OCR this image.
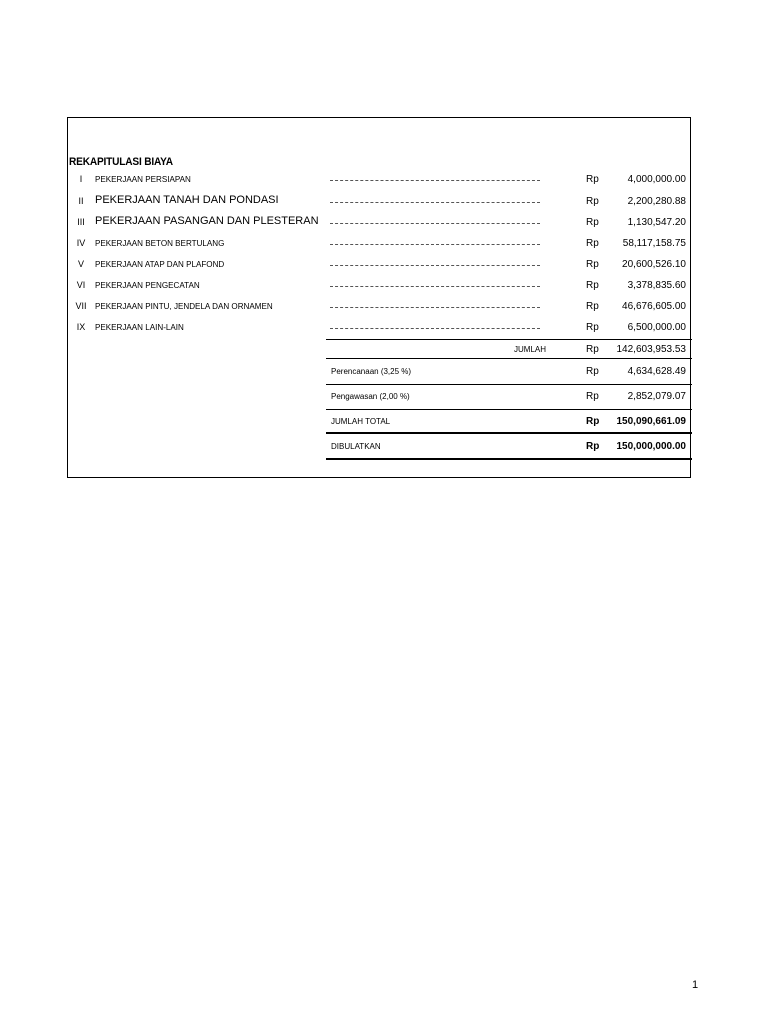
REKAPITULASI BIAYA
I	PEKERJAAN PERSIAPAN	Rp	4,000,000.00
II	PEKERJAAN TANAH DAN PONDASI	Rp	2,200,280.88
III PEKERJAAN PASANGAN DAN PLESTERAN	Rp	1,130,547.20
IV	PEKERJAAN BETON BERTULANG	Rp 58,117,158.75
V	PEKERJAAN ATAP DAN PLAFOND	Rp 20,600,526.10
VI	PEKERJAAN PENGECATAN	Rp	3,378,835.60
VII	PEKERJAAN PINTU, JENDELA DAN ORNAMEN	Rp 46,676,605.00
IX	PEKERJAAN LAIN-LAIN	Rp	6,500,000.00
JUMLAH	Rp 142,603,953.53
Perencanaan (3,25 %)	Rp	4,634,628.49
Pengawasan (2,00 %)	Rp	2,852,079.07
JUMLAH TOTAL	Rp 150,090,661.09
DIBULATKAN	Rp 150,000,000.00
1
